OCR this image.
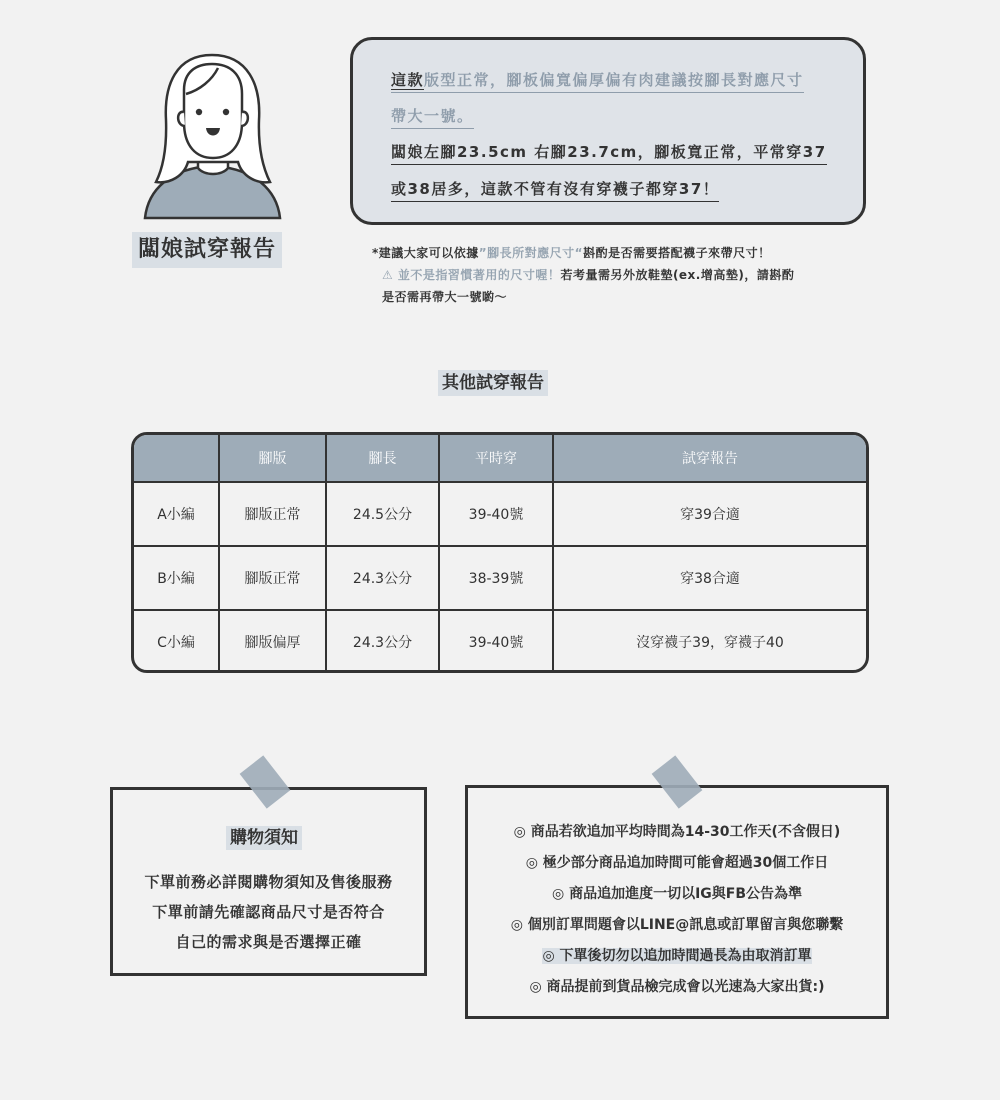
闆娘試穿報告
這款版型正常，腳板偏寬偏厚偏有肉建議按腳長對應尺寸
帶大一號。
闆娘左腳23.5cm 右腳23.7cm，腳板寬正常，平常穿37
或38居多，這款不管有沒有穿襪子都穿37！
*建議大家可以依據”腳長所對應尺寸“斟酌是否需要搭配襪子來帶尺寸！
⚠ 並不是指習慣著用的尺寸喔！若考量需另外放鞋墊(ex.增高墊)，請斟酌
是否需再帶大一號喲～
其他試穿報告
	腳版	腳長	平時穿	試穿報告
A小編	腳版正常	24.5公分	39-40號	穿39合適
B小編	腳版正常	24.3公分	38-39號	穿38合適
C小編	腳版偏厚	24.3公分	39-40號	沒穿襪子39，穿襪子40
購物須知
下單前務必詳閱購物須知及售後服務
下單前請先確認商品尺寸是否符合
自己的需求與是否選擇正確
◎ 商品若欲追加平均時間為14-30工作天(不含假日)
◎ 極少部分商品追加時間可能會超過30個工作日
◎ 商品追加進度一切以IG與FB公告為準
◎ 個別訂單問題會以LINE@訊息或訂單留言與您聯繫
◎ 下單後切勿以追加時間過長為由取消訂單
◎ 商品提前到貨品檢完成會以光速為大家出貨:)
